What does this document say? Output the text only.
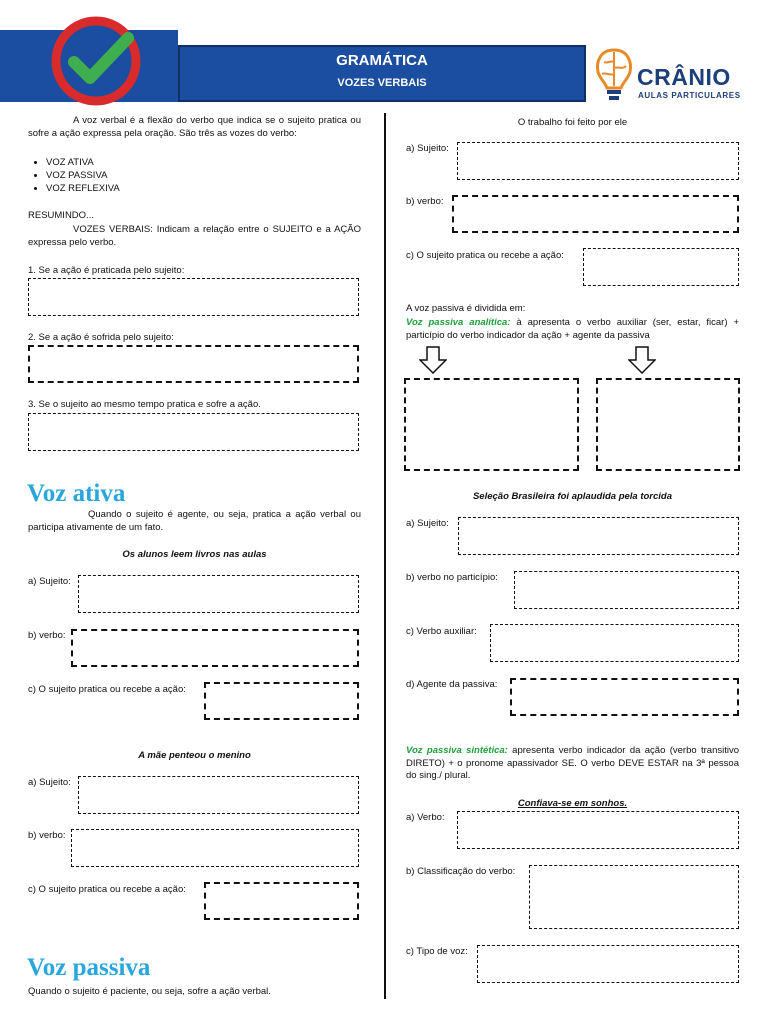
GRAMÁTICA
VOZES VERBAIS	CRÂNIO
AULAS PARTICULARES
A voz verbal é a flexão do verbo que indica se o sujeito pratica ou sofre a ação expressa pela oração. São três as vozes do verbo:
• VOZ ATIVA
• VOZ PASSIVA
• VOZ REFLEXIVA
RESUMINDO...
VOZES VERBAIS: Indicam a relação entre o SUJEITO e a AÇÃO expressa pelo verbo.
1. Se a ação é praticada pelo sujeito:
2. Se a ação é sofrida pelo sujeito:
3. Se o sujeito ao mesmo tempo pratica e sofre a ação.
Voz ativa
Quando o sujeito é agente, ou seja, pratica a ação verbal ou participa ativamente de um fato.
Os alunos leem livros nas aulas
a) Sujeito:
b) verbo:
c) O sujeito pratica ou recebe a ação:
A mãe penteou o menino
a) Sujeito:
b) verbo:
c) O sujeito pratica ou recebe a ação:
Voz passiva
Quando o sujeito é paciente, ou seja, sofre a ação verbal.
O trabalho foi feito por ele
a) Sujeito:
b) verbo:
c) O sujeito pratica ou recebe a ação:
A voz passiva é dividida em:
Voz passiva analítica: à apresenta o verbo auxiliar (ser, estar, ficar) + particípio do verbo indicador da ação + agente da passiva
Seleção Brasileira foi aplaudida pela torcida
a) Sujeito:
b) verbo no particípio:
c) Verbo auxiliar:
d) Agente da passiva:
Voz passiva sintética: apresenta verbo indicador da ação (verbo transitivo DIRETO) + o pronome apassivador SE. O verbo DEVE ESTAR na 3ª pessoa do sing./ plural.
Confiava-se em sonhos.
a) Verbo:
b) Classificação do verbo:
c) Tipo de voz:
